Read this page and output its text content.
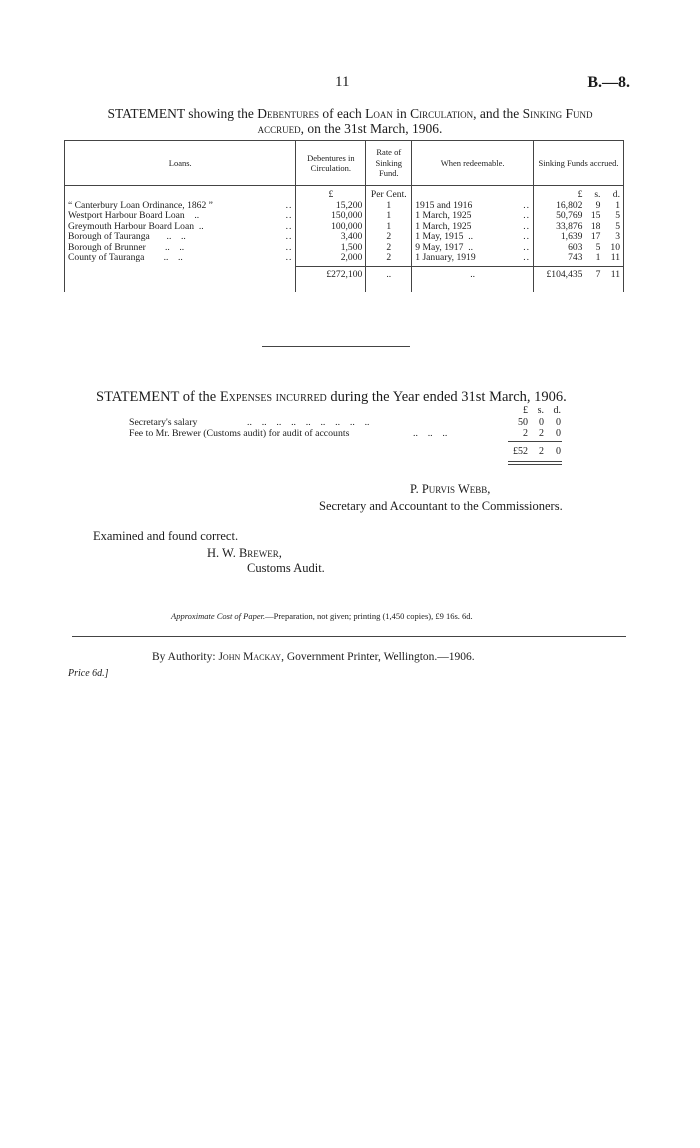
11	B.—8.
STATEMENT showing the Debentures of each Loan in Circulation, and the Sinking Fund
accrued, on the 31st March, 1906.
Loans.	Debentures in Circulation.	Rate of Sinking Fund.	When redeemable.	Sinking Funds accrued.		
	£	Per Cent.		£	s.	d.
“ Canterbury Loan Ordinance, 1862 ” ..	15,200	1	1915 and 1916 ..	16,802	9	1
Westport Harbour Board Loan .. ..	150,000	1	1 March, 1925 ..	50,769	15	5
Greymouth Harbour Board Loan .. ..	100,000	1	1 March, 1925 ..	33,876	18	5
Borough of Tauranga ..    .. ..	3,400	2	1 May, 1915  .. ..	1,639	17	3
Borough of Brunner ..    .. ..	1,500	2	9 May, 1917  .. ..	603	5	10
County of Tauranga ..    .. ..	2,000	2	1 January, 1919 ..	743	1	11
	£272,100	..	..	£104,435	7	11

STATEMENT of the Expenses incurred during the Year ended 31st March, 1906.
£ s. d.
Secretary's salary	..    ..    ..    ..    ..    ..    ..    ..    ..	50	0	0
Fee to Mr. Brewer (Customs audit) for audit of accounts	..    ..    ..	2	2	0
£52	2	0
P. Purvis Webb,
Secretary and Accountant to the Commissioners.
Examined and found correct.
H. W. Brewer,
Customs Audit.
Approximate Cost of Paper.—Preparation, not given; printing (1,450 copies), £9 16s. 6d.
By Authority: John Mackay, Government Printer, Wellington.—1906.
Price 6d.]
